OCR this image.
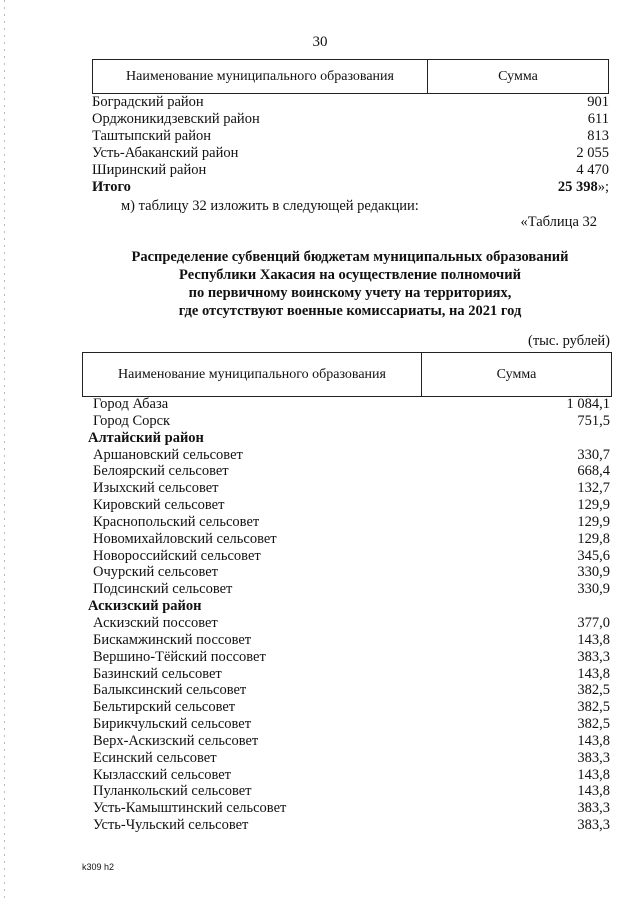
30
Наименование муниципального образования	Сумма
Боградский район	901
Орджоникидзевский район	611
Таштыпский район	813
Усть-Абаканский район	2 055
Ширинский район	4 470
Итого	25 398»;
м) таблицу 32 изложить в следующей редакции:
«Таблица 32
Распределение субвенций бюджетам муниципальных образований
Республики Хакасия на осуществление полномочий
по первичному воинскому учету на территориях,
где отсутствуют военные комиссариаты, на 2021 год
(тыс. рублей)
Наименование муниципального образования	Сумма
Город Абаза	1 084,1
Город Сорск	751,5
Алтайский район
Аршановский сельсовет	330,7
Белоярский сельсовет	668,4
Изыхский сельсовет	132,7
Кировский сельсовет	129,9
Краснопольский сельсовет	129,9
Новомихайловский сельсовет	129,8
Новороссийский сельсовет	345,6
Очурский сельсовет	330,9
Подсинский сельсовет	330,9
Аскизский район
Аскизский поссовет	377,0
Бискамжинский поссовет	143,8
Вершино-Тёйский поссовет	383,3
Базинский сельсовет	143,8
Балыксинский сельсовет	382,5
Бельтирский сельсовет	382,5
Бирикчульский сельсовет	382,5
Верх-Аскизский сельсовет	143,8
Есинский сельсовет	383,3
Кызласский сельсовет	143,8
Пуланкольский сельсовет	143,8
Усть-Камыштинский сельсовет	383,3
Усть-Чульский сельсовет	383,3
k309 h2
